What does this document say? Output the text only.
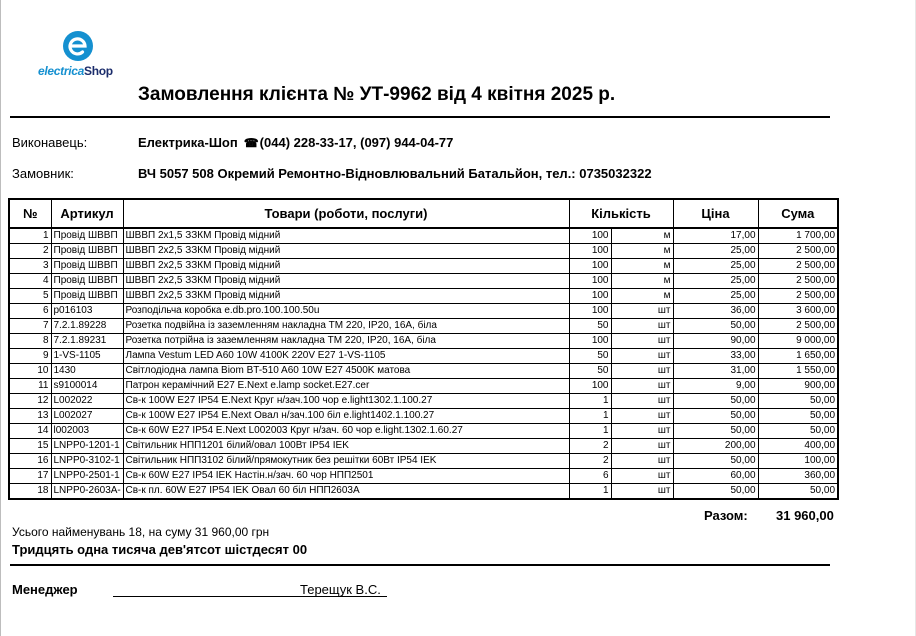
electricaShop
Замовлення клієнта № УТ-9962 від 4 квітня 2025 р.
Виконавець:	Електрика-Шоп ☎(044) 228-33-17, (097) 944-04-77
Замовник:	ВЧ 5057 508 Окремий Ремонтно-Відновлювальний Батальйон, тел.: 0735032322
№	Артикул	Товари (роботи, послуги)	Кількість		Ціна	Сума
1	Провід ШВВП	ШВВП 2х1,5 ЗЗКМ Провід мідний	100	м	17,00	1 700,00
2	Провід ШВВП	ШВВП 2х2,5 ЗЗКМ Провід мідний	100	м	25,00	2 500,00
3	Провід ШВВП	ШВВП 2х2,5 ЗЗКМ Провід мідний	100	м	25,00	2 500,00
4	Провід ШВВП	ШВВП 2х2,5 ЗЗКМ Провід мідний	100	м	25,00	2 500,00
5	Провід ШВВП	ШВВП 2х2,5 ЗЗКМ Провід мідний	100	м	25,00	2 500,00
6	p016103	Розподільча коробка e.db.pro.100.100.50u	100	шт	36,00	3 600,00
7	7.2.1.89228	Розетка подвійна із заземленням накладна ТМ 220, IP20, 16А, біла	50	шт	50,00	2 500,00
8	7.2.1.89231	Розетка потрійна із заземленням накладна ТМ 220, IP20, 16А, біла	100	шт	90,00	9 000,00
9	1-VS-1105	Лампа Vestum LED A60 10W 4100K 220V E27 1-VS-1105	50	шт	33,00	1 650,00
10	1430	Світлодіодна лампа Biom BT-510 A60 10W E27 4500K матова	50	шт	31,00	1 550,00
11	s9100014	Патрон керамічний E27 E.Next e.lamp socket.E27.cer	100	шт	9,00	900,00
12	L002022	Св-к 100W E27 IP54 E.Next Круг н/зач.100 чор e.light1302.1.100.27	1	шт	50,00	50,00
13	L002027	Св-к 100W E27 IP54 E.Next Овал н/зач.100 біл e.light1402.1.100.27	1	шт	50,00	50,00
14	l002003	Св-к 60W E27 IP54 E.Next L002003 Круг н/зач. 60 чор e.light.1302.1.60.27	1	шт	50,00	50,00
15	LNPP0-1201-1	Світильник НПП1201 білий/овал 100Вт IP54 IEK	2	шт	200,00	400,00
16	LNPP0-3102-1	Світильник НПП3102 білий/прямокутник без решітки 60Вт IP54 IEK	2	шт	50,00	100,00
17	LNPP0-2501-1	Св-к 60W E27 IP54 IEK Настін.н/зач. 60 чор НПП2501	6	шт	60,00	360,00
18	LNPP0-2603A-	Св-к пл. 60W E27 IP54 IEK Овал 60 біл НПП2603А	1	шт	50,00	50,00
Разом: 31 960,00
Усього найменувань 18, на суму 31 960,00 грн
Тридцять одна тисяча дев'ятсот шістдесят 00
Менеджер	Терещук В.С.
